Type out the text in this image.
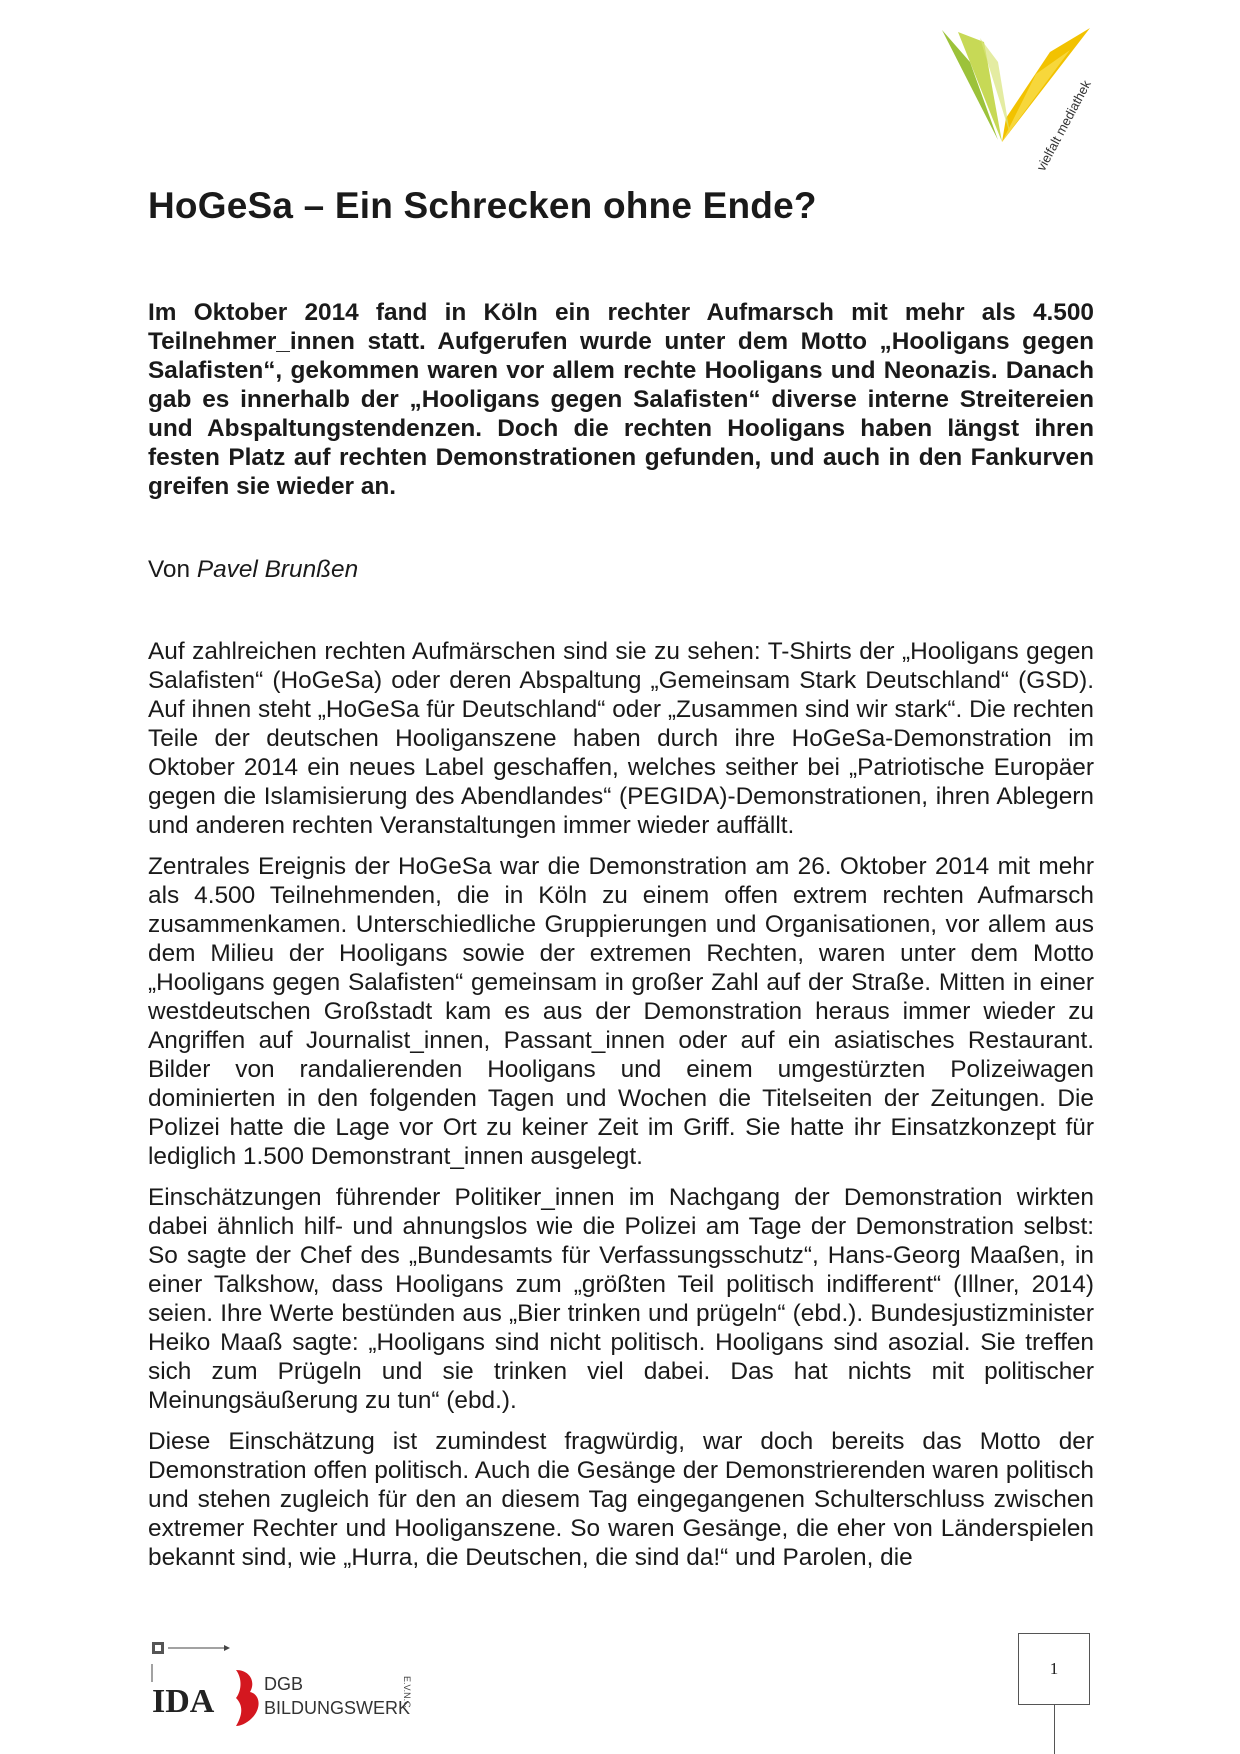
vielfalt mediathek
HoGeSa – Ein Schrecken ohne Ende?

Im Oktober 2014 fand in Köln ein rechter Aufmarsch mit mehr als 4.500 Teilnehmer_innen statt. Aufgerufen wurde unter dem Motto „Hooligans gegen Salafisten“, gekommen waren vor allem rechte Hooligans und Neonazis. Danach gab es innerhalb der „Hooligans gegen Salafisten“ diverse interne Streitereien und Abspaltungstendenzen. Doch die rechten Hooligans haben längst ihren festen Platz auf rechten Demonstrationen gefunden, und auch in den Fankurven greifen sie wieder an.

Von Pavel Brunßen

Auf zahlreichen rechten Aufmärschen sind sie zu sehen: T-Shirts der „Hooligans gegen Salafisten“ (HoGeSa) oder deren Abspaltung „Gemeinsam Stark Deutschland“ (GSD). Auf ihnen steht „HoGeSa für Deutschland“ oder „Zusammen sind wir stark“. Die rechten Teile der deutschen Hooliganszene haben durch ihre HoGeSa-Demonstration im Oktober 2014 ein neues Label geschaffen, welches seither bei „Patriotische Europäer gegen die Islamisierung des Abendlandes“ (PEGIDA)-Demonstrationen, ihren Ablegern und anderen rechten Veranstaltungen immer wieder auffällt.

Zentrales Ereignis der HoGeSa war die Demonstration am 26. Oktober 2014 mit mehr als 4.500 Teilnehmenden, die in Köln zu einem offen extrem rechten Aufmarsch zusammenkamen. Unterschiedliche Gruppierungen und Organisationen, vor allem aus dem Milieu der Hooligans sowie der extremen Rechten, waren unter dem Motto „Hooligans gegen Salafisten“ gemeinsam in großer Zahl auf der Straße. Mitten in einer westdeutschen Großstadt kam es aus der Demonstration heraus immer wieder zu Angriffen auf Journalist_innen, Passant_innen oder auf ein asiatisches Restaurant. Bilder von randalierenden Hooligans und einem umgestürzten Polizeiwagen dominierten in den folgenden Tagen und Wochen die Titelseiten der Zeitungen. Die Polizei hatte die Lage vor Ort zu keiner Zeit im Griff. Sie hatte ihr Einsatzkonzept für lediglich 1.500 Demonstrant_innen ausgelegt.

Einschätzungen führender Politiker_innen im Nachgang der Demonstration wirkten dabei ähnlich hilf- und ahnungslos wie die Polizei am Tage der Demonstration selbst: So sagte der Chef des „Bundesamts für Verfassungsschutz“, Hans-Georg Maaßen, in einer Talkshow, dass Hooligans zum „größten Teil politisch indifferent“ (Illner, 2014) seien. Ihre Werte bestünden aus „Bier trinken und prügeln“ (ebd.). Bundesjustizminister Heiko Maaß sagte: „Hooligans sind nicht politisch. Hooligans sind asozial. Sie treffen sich zum Prügeln und sie trinken viel dabei. Das hat nichts mit politischer Meinungsäußerung zu tun“ (ebd.).

Diese Einschätzung ist zumindest fragwürdig, war doch bereits das Motto der Demonstration offen politisch. Auch die Gesänge der Demonstrierenden waren politisch und stehen zugleich für den an diesem Tag eingegangenen Schulterschluss zwischen extremer Rechter und Hooliganszene. So waren Gesänge, die eher von Länderspielen bekannt sind, wie „Hurra, die Deutschen, die sind da!“ und Parolen, die

IDA	DGB
BILDUNGSWERK
E.V.N.C
1
